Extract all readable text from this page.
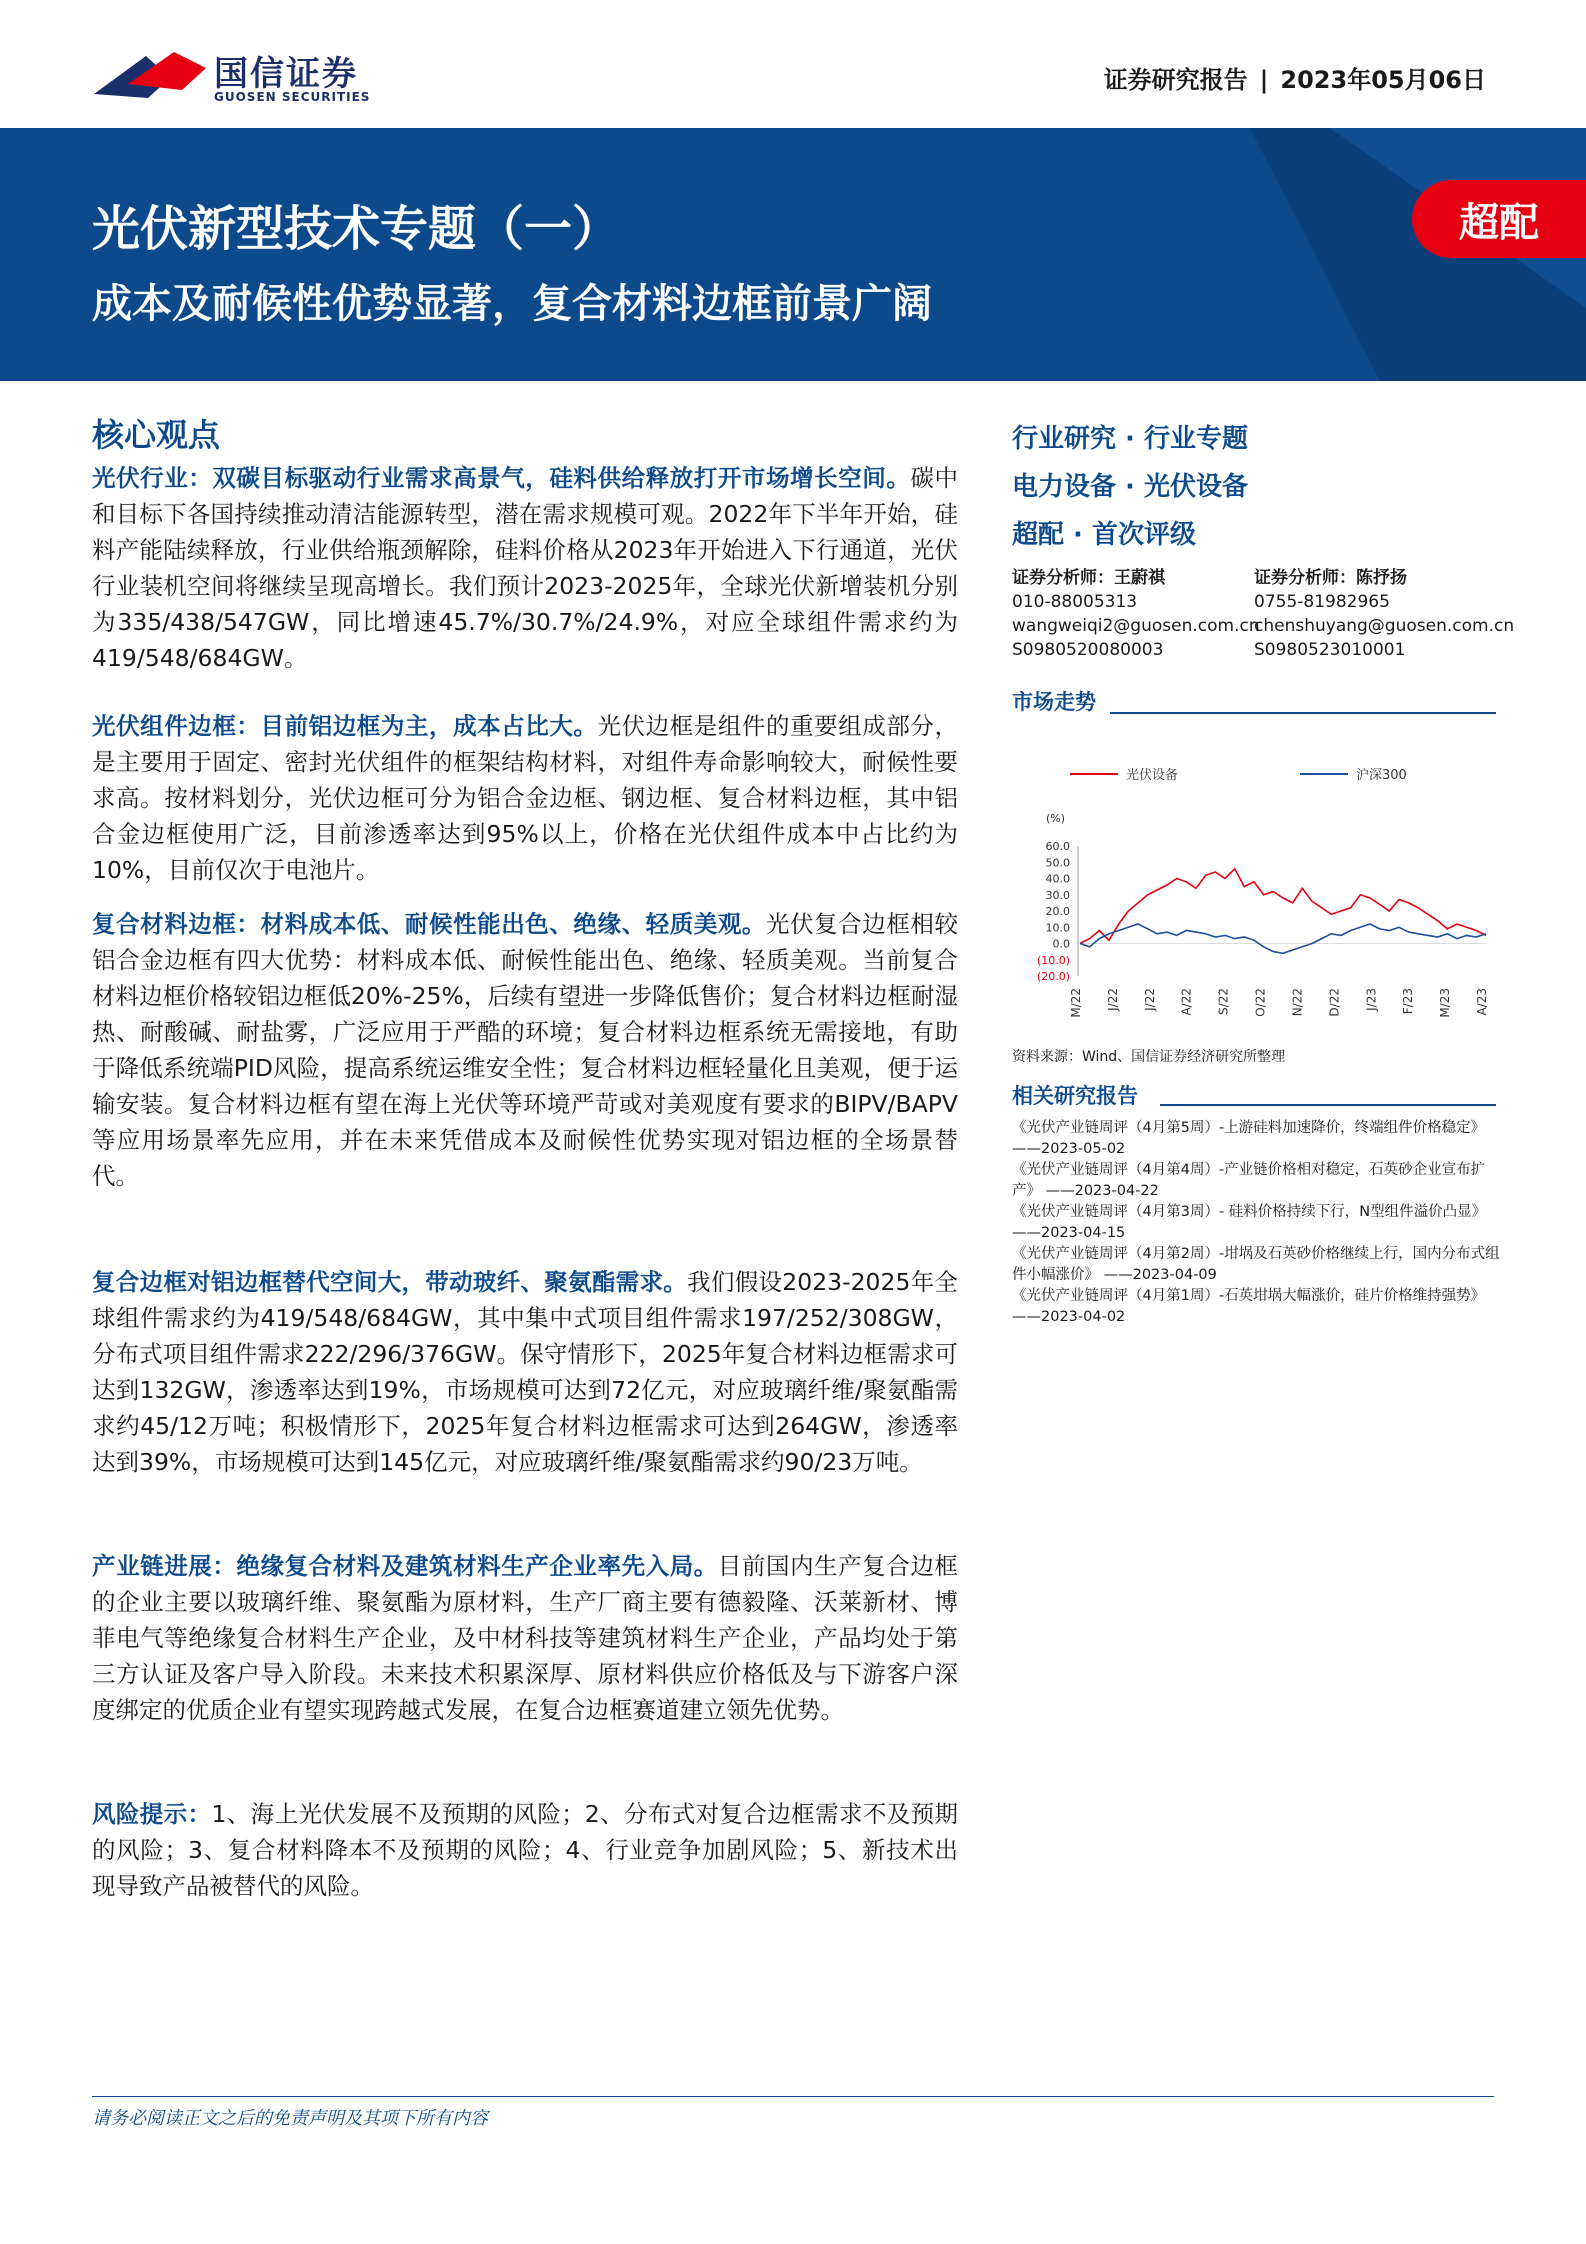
国信证券
GUOSEN SECURITIES
证券研究报告 | 2023年05月06日
光伏新型技术专题（一）
成本及耐候性优势显著，复合材料边框前景广阔
超配
核心观点
光伏行业：双碳目标驱动行业需求高景气，硅料供给释放打开市场增长空间。碳中和目标下各国持续推动清洁能源转型，潜在需求规模可观。2022年下半年开始，硅料产能陆续释放，行业供给瓶颈解除，硅料价格从2023年开始进入下行通道，光伏行业装机空间将继续呈现高增长。我们预计2023-2025年，全球光伏新增装机分别为335/438/547GW，同比增速45.7%/30.7%/24.9%，对应全球组件需求约为419/548/684GW。
光伏组件边框：目前铝边框为主，成本占比大。光伏边框是组件的重要组成部分，是主要用于固定、密封光伏组件的框架结构材料，对组件寿命影响较大，耐候性要求高。按材料划分，光伏边框可分为铝合金边框、钢边框、复合材料边框，其中铝合金边框使用广泛，目前渗透率达到95%以上，价格在光伏组件成本中占比约为10%，目前仅次于电池片。
复合材料边框：材料成本低、耐候性能出色、绝缘、轻质美观。光伏复合边框相较铝合金边框有四大优势：材料成本低、耐候性能出色、绝缘、轻质美观。当前复合材料边框价格较铝边框低20%-25%，后续有望进一步降低售价；复合材料边框耐湿热、耐酸碱、耐盐雾，广泛应用于严酷的环境；复合材料边框系统无需接地，有助于降低系统端PID风险，提高系统运维安全性；复合材料边框轻量化且美观，便于运输安装。复合材料边框有望在海上光伏等环境严苛或对美观度有要求的BIPV/BAPV等应用场景率先应用，并在未来凭借成本及耐候性优势实现对铝边框的全场景替代。
复合边框对铝边框替代空间大，带动玻纤、聚氨酯需求。我们假设2023-2025年全球组件需求约为419/548/684GW，其中集中式项目组件需求197/252/308GW，分布式项目组件需求222/296/376GW。保守情形下，2025年复合材料边框需求可达到132GW，渗透率达到19%，市场规模可达到72亿元，对应玻璃纤维/聚氨酯需求约45/12万吨；积极情形下，2025年复合材料边框需求可达到264GW，渗透率达到39%，市场规模可达到145亿元，对应玻璃纤维/聚氨酯需求约90/23万吨。
产业链进展：绝缘复合材料及建筑材料生产企业率先入局。目前国内生产复合边框的企业主要以玻璃纤维、聚氨酯为原材料，生产厂商主要有德毅隆、沃莱新材、博菲电气等绝缘复合材料生产企业，及中材科技等建筑材料生产企业，产品均处于第三方认证及客户导入阶段。未来技术积累深厚、原材料供应价格低及与下游客户深度绑定的优质企业有望实现跨越式发展，在复合边框赛道建立领先优势。
风险提示：1、海上光伏发展不及预期的风险；2、分布式对复合边框需求不及预期的风险；3、复合材料降本不及预期的风险；4、行业竞争加剧风险；5、新技术出现导致产品被替代的风险。
行业研究 · 行业专题
电力设备 · 光伏设备
超配 · 首次评级
证券分析师：王蔚祺
010-88005313
wangweiqi2@guosen.com.cn
S0980520080003
证券分析师：陈抒扬
0755-81982965
chenshuyang@guosen.com.cn
S0980523010001
市场走势
光伏设备	沪深300
(%)
60.0
50.0
40.0
30.0
20.0
10.0
0.0
(10.0)
(20.0)
M/22 J/22 J/22 A/22 S/22 O/22 N/22 D/22 J/23 F/23 M/23 A/23
资料来源：Wind、国信证券经济研究所整理
相关研究报告
《光伏产业链周评（4月第5周）-上游硅料加速降价，终端组件价格稳定》 ——2023-05-02
《光伏产业链周评（4月第4周）-产业链价格相对稳定，石英砂企业宣布扩产》 ——2023-04-22
《光伏产业链周评（4月第3周）- 硅料价格持续下行，N型组件溢价凸显》 ——2023-04-15
《光伏产业链周评（4月第2周）-坩埚及石英砂价格继续上行，国内分布式组件小幅涨价》 ——2023-04-09
《光伏产业链周评（4月第1周）-石英坩埚大幅涨价，硅片价格维持强势》 ——2023-04-02
请务必阅读正文之后的免责声明及其项下所有内容
